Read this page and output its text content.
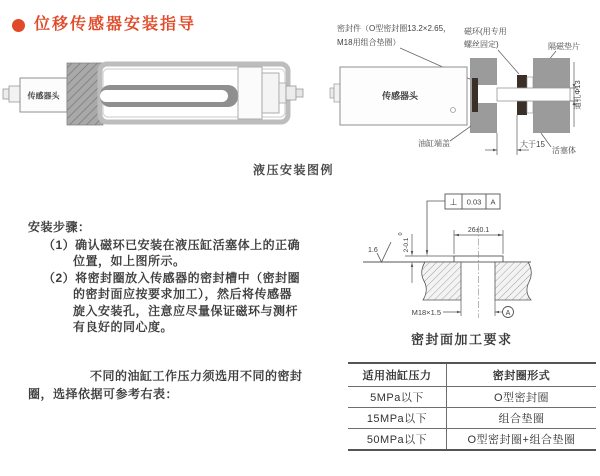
位移传感器安装指导
传感器头
液压安装图例
密封件（O型密封圈13.2×2.65，
M18用组合垫圈）
磁环(用专用
螺丝固定)	隔磁垫片
传感器头	通孔Φ13
大于15
油缸端盖
活塞体
安装步骤：
（1）确认磁环已安装在液压缸活塞体上的正确
位置，如上图所示。
（2）将密封圈放入传感器的密封槽中（密封圈
的密封面应按要求加工），然后将传感器
旋入安装孔，注意应尽量保证磁环与测杆
有良好的同心度。
⊥ 0.03 A
2-0.1
0
1.6
26±0.1
M18×1.5	A
密封面加工要求
不同的油缸工作压力须选用不同的密封
圈，选择依据可参考右表：
适用油缸压力	密封圈形式
5MPa以下	O型密封圈
15MPa以下	组合垫圈
50MPa以下	O型密封圈+组合垫圈
